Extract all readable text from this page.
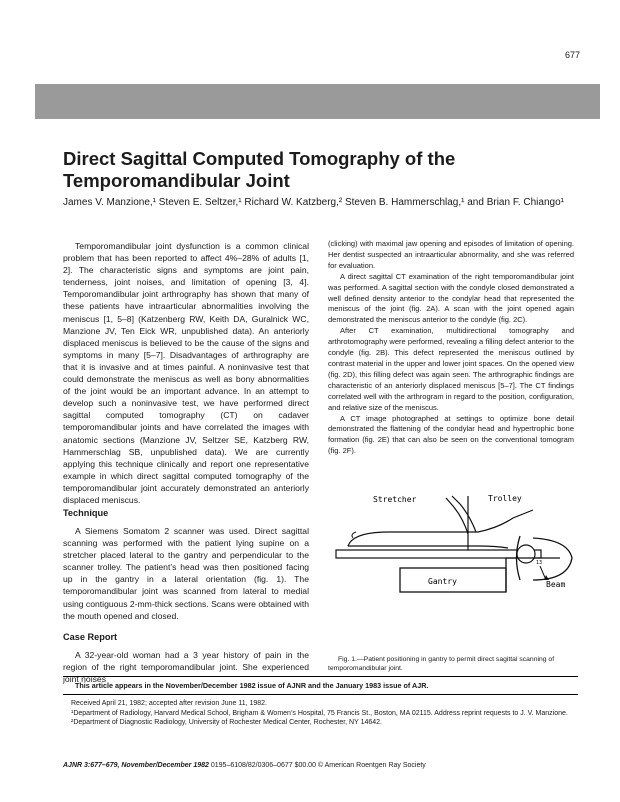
677
Direct Sagittal Computed Tomography of the Temporomandibular Joint
James V. Manzione,¹ Steven E. Seltzer,¹ Richard W. Katzberg,² Steven B. Hammerschlag,¹ and Brian F. Chiango¹

Temporomandibular joint dysfunction is a common clinical problem that has been reported to affect 4%–28% of adults [1, 2]. The characteristic signs and symptoms are joint pain, tenderness, joint noises, and limitation of opening [3, 4]. Temporomandibular joint arthrography has shown that many of these patients have intraarticular abnormalities involving the meniscus [1, 5–8] (Katzenberg RW, Keith DA, Guralnick WC, Manzione JV, Ten Eick WR, unpublished data). An anteriorly displaced meniscus is believed to be the cause of the signs and symptoms in many [5–7]. Disadvantages of arthrography are that it is invasive and at times painful. A noninvasive test that could demonstrate the meniscus as well as bony abnormalities of the joint would be an important advance. In an attempt to develop such a noninvasive test, we have performed direct sagittal computed tomography (CT) on cadaver temporomandibular joints and have correlated the images with anatomic sections (Manzione JV, Seltzer SE, Katzberg RW, Hammerschlag SB, unpublished data). We are currently applying this technique clinically and report one representative example in which direct sagittal computed tomography of the temporomandibular joint accurately demonstrated an anteriorly displaced meniscus.

Technique

A Siemens Somatom 2 scanner was used. Direct sagittal scanning was performed with the patient lying supine on a stretcher placed lateral to the gantry and perpendicular to the scanner trolley. The patient’s head was then positioned facing up in the gantry in a lateral orientation (fig. 1). The temporomandibular joint was scanned from lateral to medial using contiguous 2-mm-thick sections. Scans were obtained with the mouth opened and closed.

Case Report

A 32-year-old woman had a 3 year history of pain in the region of the right temporomandibular joint. She experienced joint noises

(clicking) with maximal jaw opening and episodes of limitation of opening. Her dentist suspected an intraarticular abnormality, and she was referred for evaluation.

A direct sagittal CT examination of the right temporomandibular joint was performed. A sagittal section with the condyle closed demonstrated a well defined density anterior to the condylar head that represented the meniscus of the joint (fig. 2A). A scan with the joint opened again demonstrated the meniscus anterior to the condyle (fig. 2C).

After CT examination, multidirectional tomography and arthrotomography were performed, revealing a filling defect anterior to the condyle (fig. 2B). This defect represented the meniscus outlined by contrast material in the upper and lower joint spaces. On the opened view (fig. 2D), this filling defect was again seen. The arthrographic findings are characteristic of an anteriorly displaced meniscus [5–7]. The CT findings correlated well with the arthrogram in regard to the position, configuration, and relative size of the meniscus.

A CT image photographed at settings to optimize bone detail demonstrated the flattening of the condylar head and hypertrophic bone formation (fig. 2E) that can also be seen on the conventional tomogram (fig. 2F).

Stretcher	Trolley
Gantry	Beam
13

Fig. 1.—Patient positioning in gantry to permit direct sagittal scanning of temporomandibular joint.

This article appears in the November/December 1982 issue of AJNR and the January 1983 issue of AJR.

Received April 21, 1982; accepted after revision June 11, 1982.

¹Department of Radiology, Harvard Medical School, Brigham & Women’s Hospital, 75 Francis St., Boston, MA 02115. Address reprint requests to J. V. Manzione.

²Department of Diagnostic Radiology, University of Rochester Medical Center, Rochester, NY 14642.

AJNR 3:677–679, November/December 1982 0195–6108/82/0306–0677 $00.00 © American Roentgen Ray Society
